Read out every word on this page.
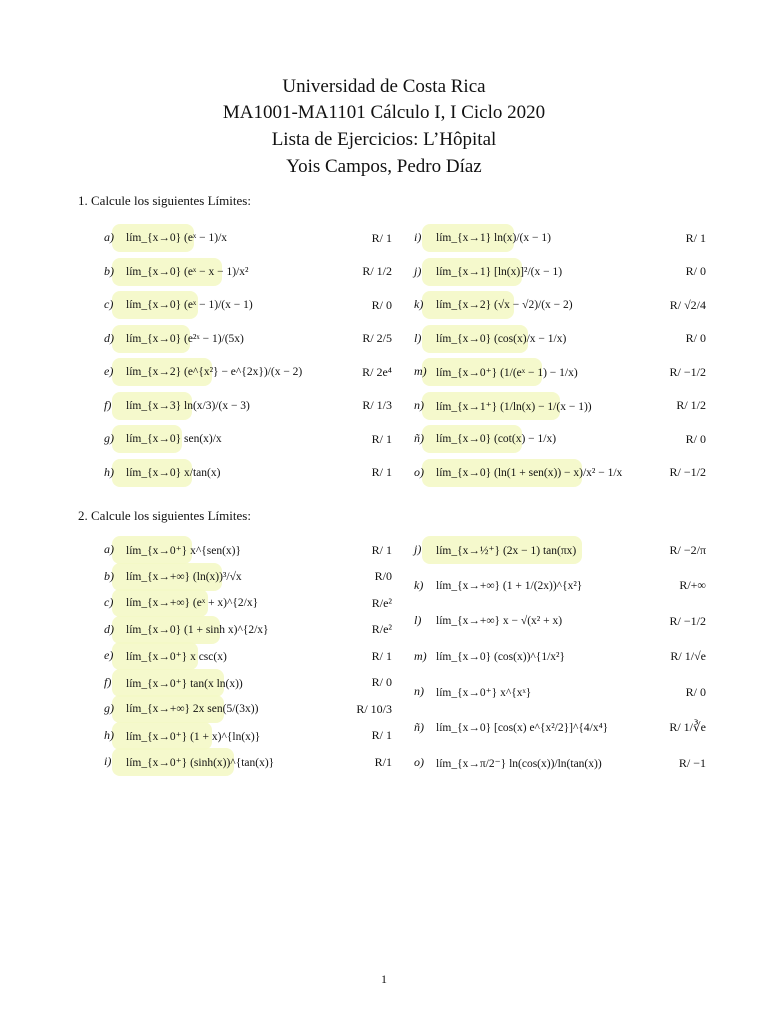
Universidad de Costa Rica
MA1001-MA1101 Cálculo I, I Ciclo 2020
Lista de Ejercicios: L’Hôpital
Yois Campos, Pedro Díaz
1. Calcule los siguientes Límites:
2. Calcule los siguientes Límites:
a) lím_{x→0} (eˣ − 1)/x	R/ 1
b) lím_{x→0} (eˣ − x − 1)/x²	R/ 1/2
c) lím_{x→0} (eˣ − 1)/(x − 1)	R/ 0
d) lím_{x→0} (e²ˣ − 1)/(5x)	R/ 2/5
e) lím_{x→2} (e^{x²} − e^{2x})/(x − 2)	R/ 2e⁴
f) lím_{x→3} ln(x/3)/(x − 3)	R/ 1/3
g) lím_{x→0} sen(x)/x	R/ 1
h) lím_{x→0} x/tan(x)	R/ 1
i) lím_{x→1} ln(x)/(x − 1)	R/ 1
j) lím_{x→1} [ln(x)]²/(x − 1)	R/ 0
k) lím_{x→2} (√x − √2)/(x − 2)	R/ √2/4
l) lím_{x→0} (cos(x)/x − 1/x)	R/ 0
m) lím_{x→0⁺} (1/(eˣ − 1) − 1/x)	R/ −1/2
n) lím_{x→1⁺} (1/ln(x) − 1/(x − 1))	R/ 1/2
ñ) lím_{x→0} (cot(x) − 1/x)	R/ 0
o) lím_{x→0} (ln(1 + sen(x)) − x)/x² − 1/x	R/ −1/2
a) lím_{x→0⁺} x^{sen(x)}	R/ 1
b) lím_{x→+∞} (ln(x))³/√x	R/0
c) lím_{x→+∞} (eˣ + x)^{2/x}	R/e²
d) lím_{x→0} (1 + sinh x)^{2/x}	R/e²
e) lím_{x→0⁺} x csc(x)	R/ 1
f) lím_{x→0⁺} tan(x ln(x))	R/ 0
g) lím_{x→+∞} 2x sen(5/(3x))	R/ 10/3
h) lím_{x→0⁺} (1 + x)^{ln(x)}	R/ 1
i) lím_{x→0⁺} (sinh(x))^{tan(x)}	R/1
j) lím_{x→½⁺} (2x − 1) tan(πx)	R/ −2/π
k) lím_{x→+∞} (1 + 1/(2x))^{x²}	R/+∞
l) lím_{x→+∞} x − √(x² + x)	R/ −1/2
m) lím_{x→0} (cos(x))^{1/x²}	R/ 1/√e
n) lím_{x→0⁺} x^{xˣ}	R/ 0
ñ) lím_{x→0} [cos(x) e^{x²/2}]^{4/x⁴}	R/ 1/∛e
o) lím_{x→π/2⁻} ln(cos(x))/ln(tan(x))	R/ −1
1
